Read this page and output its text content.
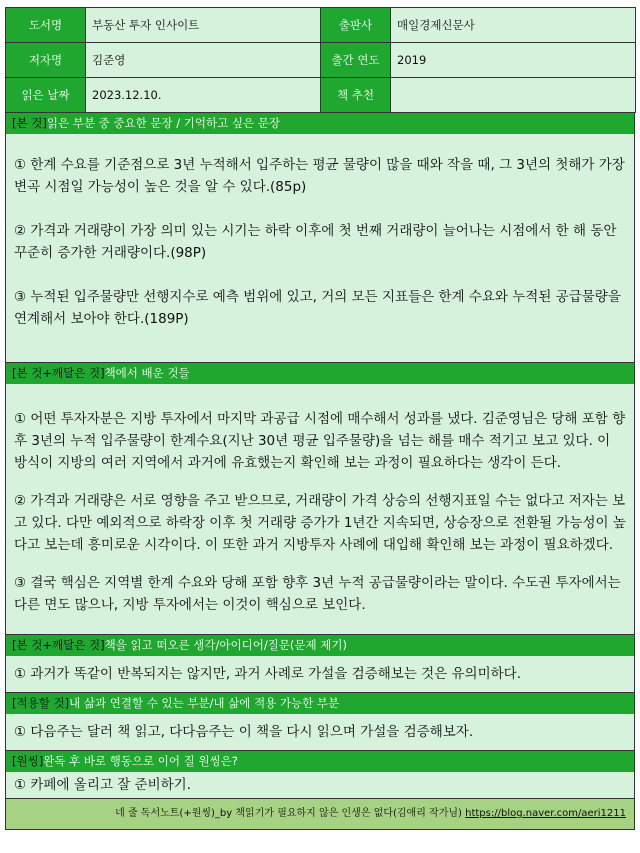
도서명	부동산 투자 인사이트	출판사	매일경제신문사
저자명	김준영	출간 연도	2019
읽은 날짜	2023.12.10.	책 추천	
[본 것]읽은 부분 중 중요한 문장 / 기억하고 싶은 문장

① 한계 수요를 기준점으로 3년 누적해서 입주하는 평균 물량이 많을 때와 작을 때, 그 3년의 첫해가 가장 변곡 시점일 가능성이 높은 것을 알 수 있다.(85p)

② 가격과 거래량이 가장 의미 있는 시기는 하락 이후에 첫 번째 거래량이 늘어나는 시점에서 한 해 동안 꾸준히 증가한 거래량이다.(98P)

③ 누적된 입주물량만 선행지수로 예측 범위에 있고, 거의 모든 지표들은 한계 수요와 누적된 공급물량을 연계해서 보아야 한다.(189P)

[본 것+깨달은 것]책에서 배운 것들

① 어떤 투자자분은 지방 투자에서 마지막 과공급 시점에 매수해서 성과를 냈다. 김준영님은 당해 포함 향후 3년의 누적 입주물량이 한계수요(지난 30년 평균 입주물량)을 넘는 해를 매수 적기고 보고 있다. 이 방식이 지방의 여러 지역에서 과거에 유효했는지 확인해 보는 과정이 필요하다는 생각이 든다.

② 가격과 거래량은 서로 영향을 주고 받으므로, 거래량이 가격 상승의 선행지표일 수는 없다고 저자는 보고 있다. 다만 예외적으로 하락장 이후 첫 거래량 증가가 1년간 지속되면, 상승장으로 전환될 가능성이 높다고 보는데 흥미로운 시각이다. 이 또한 과거 지방투자 사례에 대입해 확인해 보는 과정이 필요하겠다.

③ 결국 핵심은 지역별 한계 수요와 당해 포함 향후 3년 누적 공급물량이라는 말이다. 수도권 투자에서는 다른 면도 많으나, 지방 투자에서는 이것이 핵심으로 보인다.

[본 것+깨달은 것]책을 읽고 떠오른 생각/아이디어/질문(문제 제기)

① 과거가 똑같이 반복되지는 않지만, 과거 사례로 가설을 검증해보는 것은 유의미하다.

[적용할 것]내 삶과 연결할 수 있는 부분/내 삶에 적용 가능한 부분

① 다음주는 달러 책 읽고, 다다음주는 이 책을 다시 읽으며 가설을 검증해보자.

[원씽]완독 후 바로 행동으로 이어 질 원씽은?

① 카페에 올리고 잘 준비하기.

네 줄 독서노트(+원씽)_by 책읽기가 필요하지 않은 인생은 없다(김애리 작가님) https://blog.naver.com/aeri1211
